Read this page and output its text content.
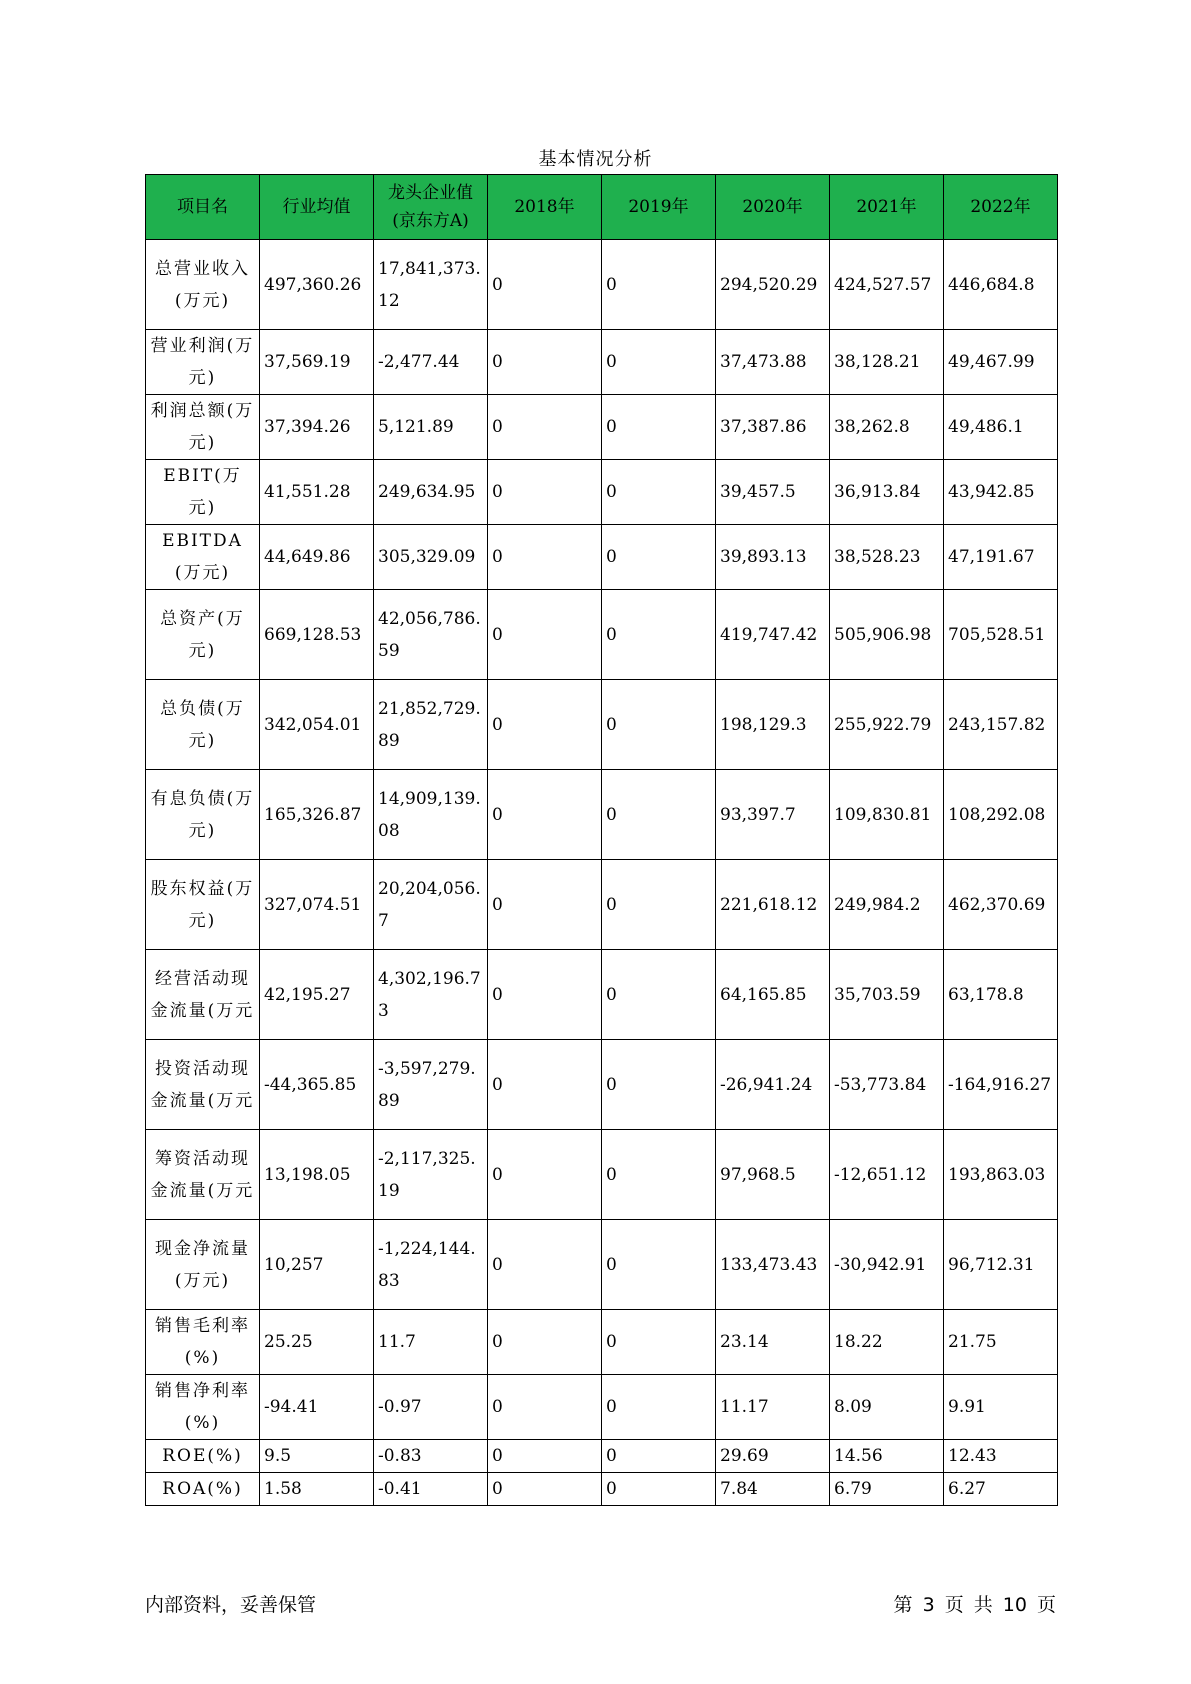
基本情况分析
项目名	行业均值	龙头企业值(京东方A)	2018年	2019年	2020年	2021年	2022年
总营业收入(万元)	497,360.26	17,841,373.12	0	0	294,520.29	424,527.57	446,684.8
营业利润(万元)	37,569.19	-2,477.44	0	0	37,473.88	38,128.21	49,467.99
利润总额(万元)	37,394.26	5,121.89	0	0	37,387.86	38,262.8	49,486.1
EBIT(万元)	41,551.28	249,634.95	0	0	39,457.5	36,913.84	43,942.85
EBITDA(万元)	44,649.86	305,329.09	0	0	39,893.13	38,528.23	47,191.67
总资产(万元)	669,128.53	42,056,786.59	0	0	419,747.42	505,906.98	705,528.51
总负债(万元)	342,054.01	21,852,729.89	0	0	198,129.3	255,922.79	243,157.82
有息负债(万元)	165,326.87	14,909,139.08	0	0	93,397.7	109,830.81	108,292.08
股东权益(万元)	327,074.51	20,204,056.7	0	0	221,618.12	249,984.2	462,370.69
经营活动现金流量(万元	42,195.27	4,302,196.73	0	0	64,165.85	35,703.59	63,178.8
投资活动现金流量(万元	-44,365.85	-3,597,279.89	0	0	-26,941.24	-53,773.84	-164,916.27
筹资活动现金流量(万元	13,198.05	-2,117,325.19	0	0	97,968.5	-12,651.12	193,863.03
现金净流量(万元)	10,257	-1,224,144.83	0	0	133,473.43	-30,942.91	96,712.31
销售毛利率(%)	25.25	11.7	0	0	23.14	18.22	21.75
销售净利率(%)	-94.41	-0.97	0	0	11.17	8.09	9.91
ROE(%)	9.5	-0.83	0	0	29.69	14.56	12.43
ROA(%)	1.58	-0.41	0	0	7.84	6.79	6.27
内部资料，妥善保管	第 3 页 共 10 页
